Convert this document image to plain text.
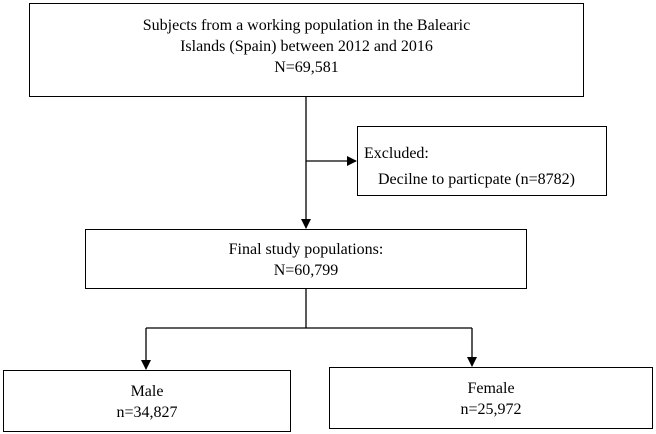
Subjects from a working population in the Balearic
Islands (Spain) between 2012 and 2016
N=69,581
Excluded:
Decilne to particpate (n=8782)
Final study populations:
N=60,799
Male
n=34,827
Female
n=25,972
